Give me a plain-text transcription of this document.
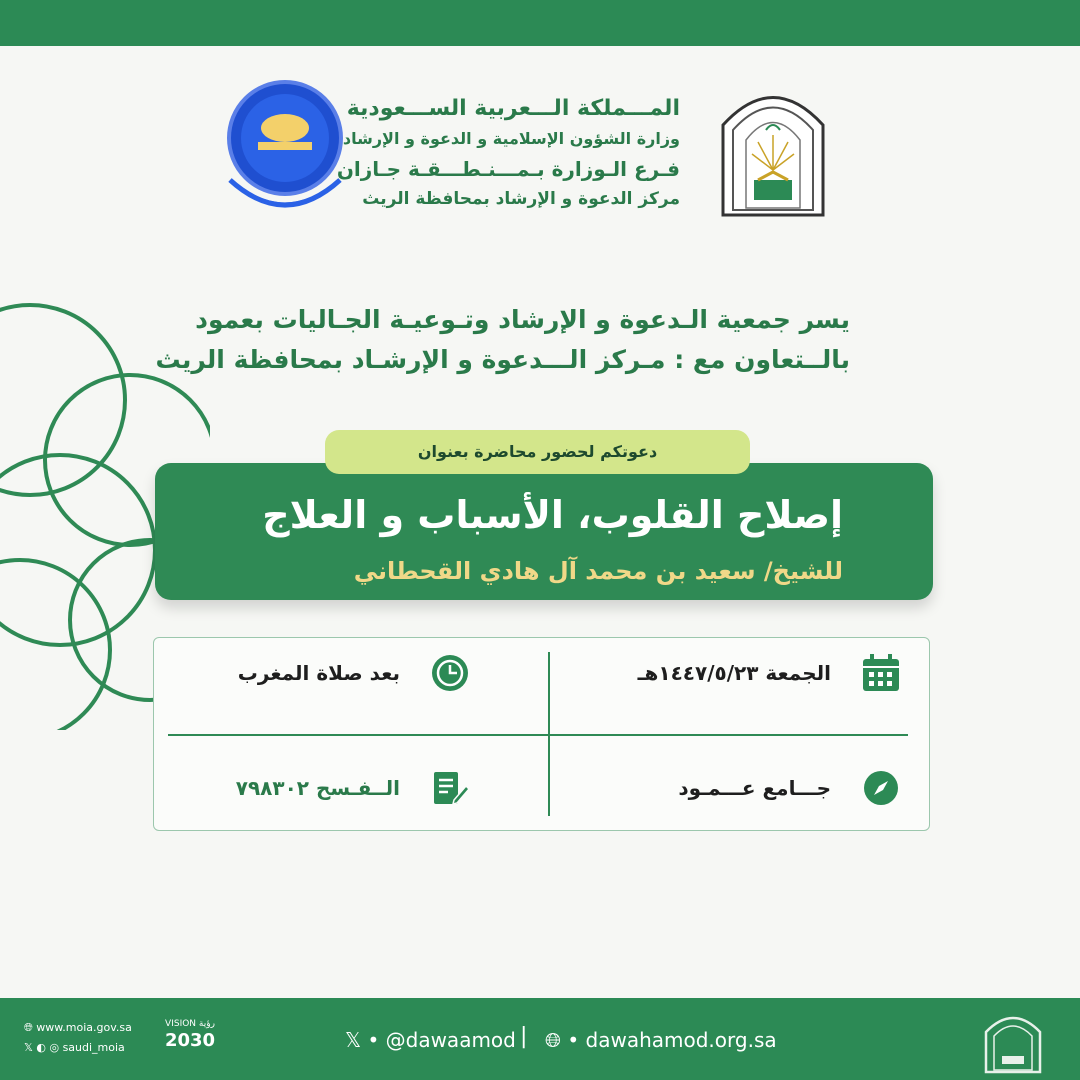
المـــملكة الـــعربية الســـعودية
وزارة الشؤون الإسلامية و الدعوة و الإرشاد
فـرع الـوزارة بـمـــنـطـــقـة جـازان
مركز الدعوة و الإرشاد بمحافظة الريث
يسر جمعية الـدعوة و الإرشاد وتـوعيـة الجـاليات بعمود
بالــتعاون مع : مـركز الـــدعوة و الإرشـاد بمحافظة الريث
دعوتكم لحضور محاضرة بعنوان
إصلاح القلوب، الأسباب و العلاج
للشيخ/ سعيد بن محمد آل هادي القحطاني
الجمعة ١٤٤٧/٥/٢٣هـ
بعد صلاة المغرب
جـــامع عـــمـود
الــفـسح ٧٩٨٣٠٢
🌐︎ www.moia.gov.sa
𝕏 ◐ ◎ saudi_moia
VISION رؤية
2030	𝕏 • @dawaamod | 🌐︎ • dawahamod.org.sa
